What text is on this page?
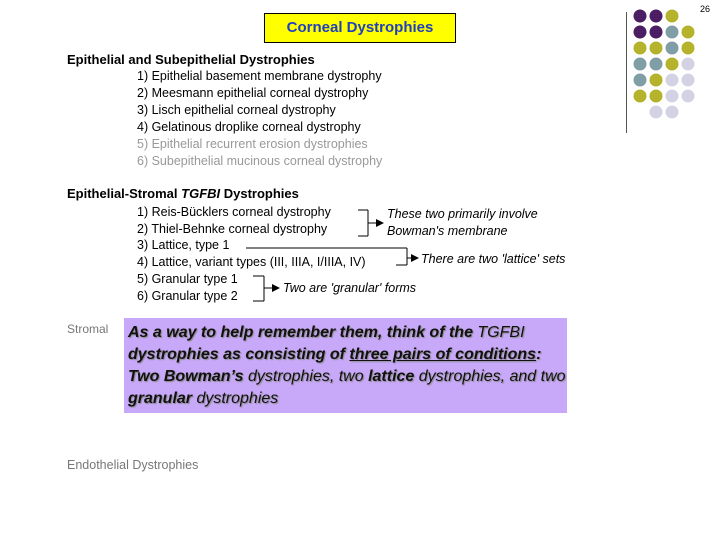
26
Corneal Dystrophies
Epithelial and Subepithelial Dystrophies
1) Epithelial basement membrane dystrophy
2) Meesmann epithelial corneal dystrophy
3) Lisch epithelial corneal dystrophy
4) Gelatinous droplike corneal dystrophy
5) Epithelial recurrent erosion dystrophies
6) Subepithelial mucinous corneal dystrophy
Epithelial-Stromal TGFBI Dystrophies
1) Reis-Bücklers corneal dystrophy
2) Thiel-Behnke corneal dystrophy
3) Lattice, type 1
4) Lattice, variant types (III, IIIA, I/IIIA, IV)
5) Granular type 1
6) Granular type 2
These two primarily involve
Bowman's membrane
There are two 'lattice' sets
Two are 'granular' forms
Stromal As a way to help remember them, think of the TGFBI dystrophies as consisting of three pairs of conditions: Two Bowman’s dystrophies, two lattice dystrophies, and two granular dystrophies
Endothelial Dystrophies
